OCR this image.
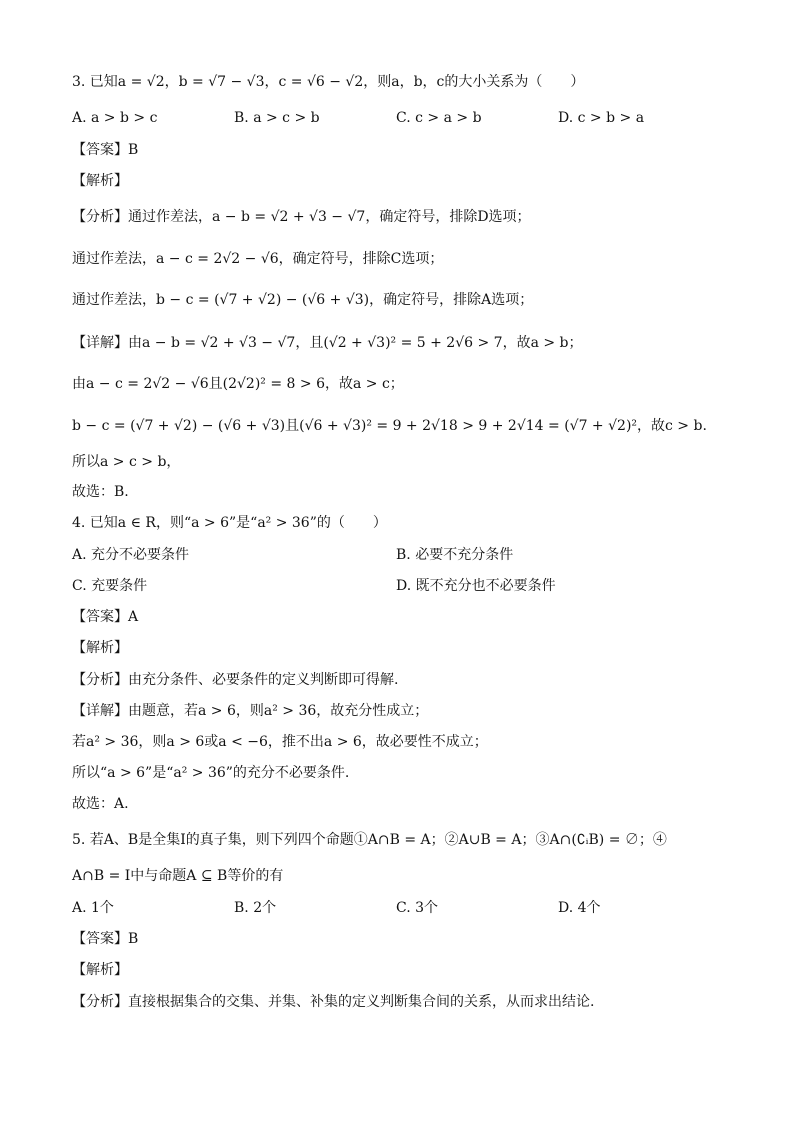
3. 已知a = √2，b = √7 − √3，c = √6 − √2，则a，b，c的大小关系为（　　）
A. a > b > c	B. a > c > b	C. c > a > b	D. c > b > a
【答案】B
【解析】
【分析】通过作差法，a − b = √2 + √3 − √7，确定符号，排除D选项；
通过作差法，a − c = 2√2 − √6，确定符号，排除C选项；
通过作差法，b − c = (√7 + √2) − (√6 + √3)，确定符号，排除A选项；
【详解】由a − b = √2 + √3 − √7，且(√2 + √3)² = 5 + 2√6 > 7，故a > b；
由a − c = 2√2 − √6且(2√2)² = 8 > 6，故a > c；
b − c = (√7 + √2) − (√6 + √3)且(√6 + √3)² = 9 + 2√18 > 9 + 2√14 = (√7 + √2)²，故c > b.
所以a > c > b，
故选：B.
4. 已知a ∈ R，则“a > 6”是“a² > 36”的（　　）
A. 充分不必要条件	B. 必要不充分条件
C. 充要条件	D. 既不充分也不必要条件
【答案】A
【解析】
【分析】由充分条件、必要条件的定义判断即可得解.
【详解】由题意，若a > 6，则a² > 36，故充分性成立；
若a² > 36，则a > 6或a < −6，推不出a > 6，故必要性不成立；
所以“a > 6”是“a² > 36”的充分不必要条件.
故选：A.
5. 若A、B是全集I的真子集，则下列四个命题①A∩B = A；②A∪B = A；③A∩(∁ᵢB) = ∅；④
A∩B = I中与命题A ⊆ B等价的有
A. 1个	B. 2个	C. 3个	D. 4个
【答案】B
【解析】
【分析】直接根据集合的交集、并集、补集的定义判断集合间的关系，从而求出结论.
